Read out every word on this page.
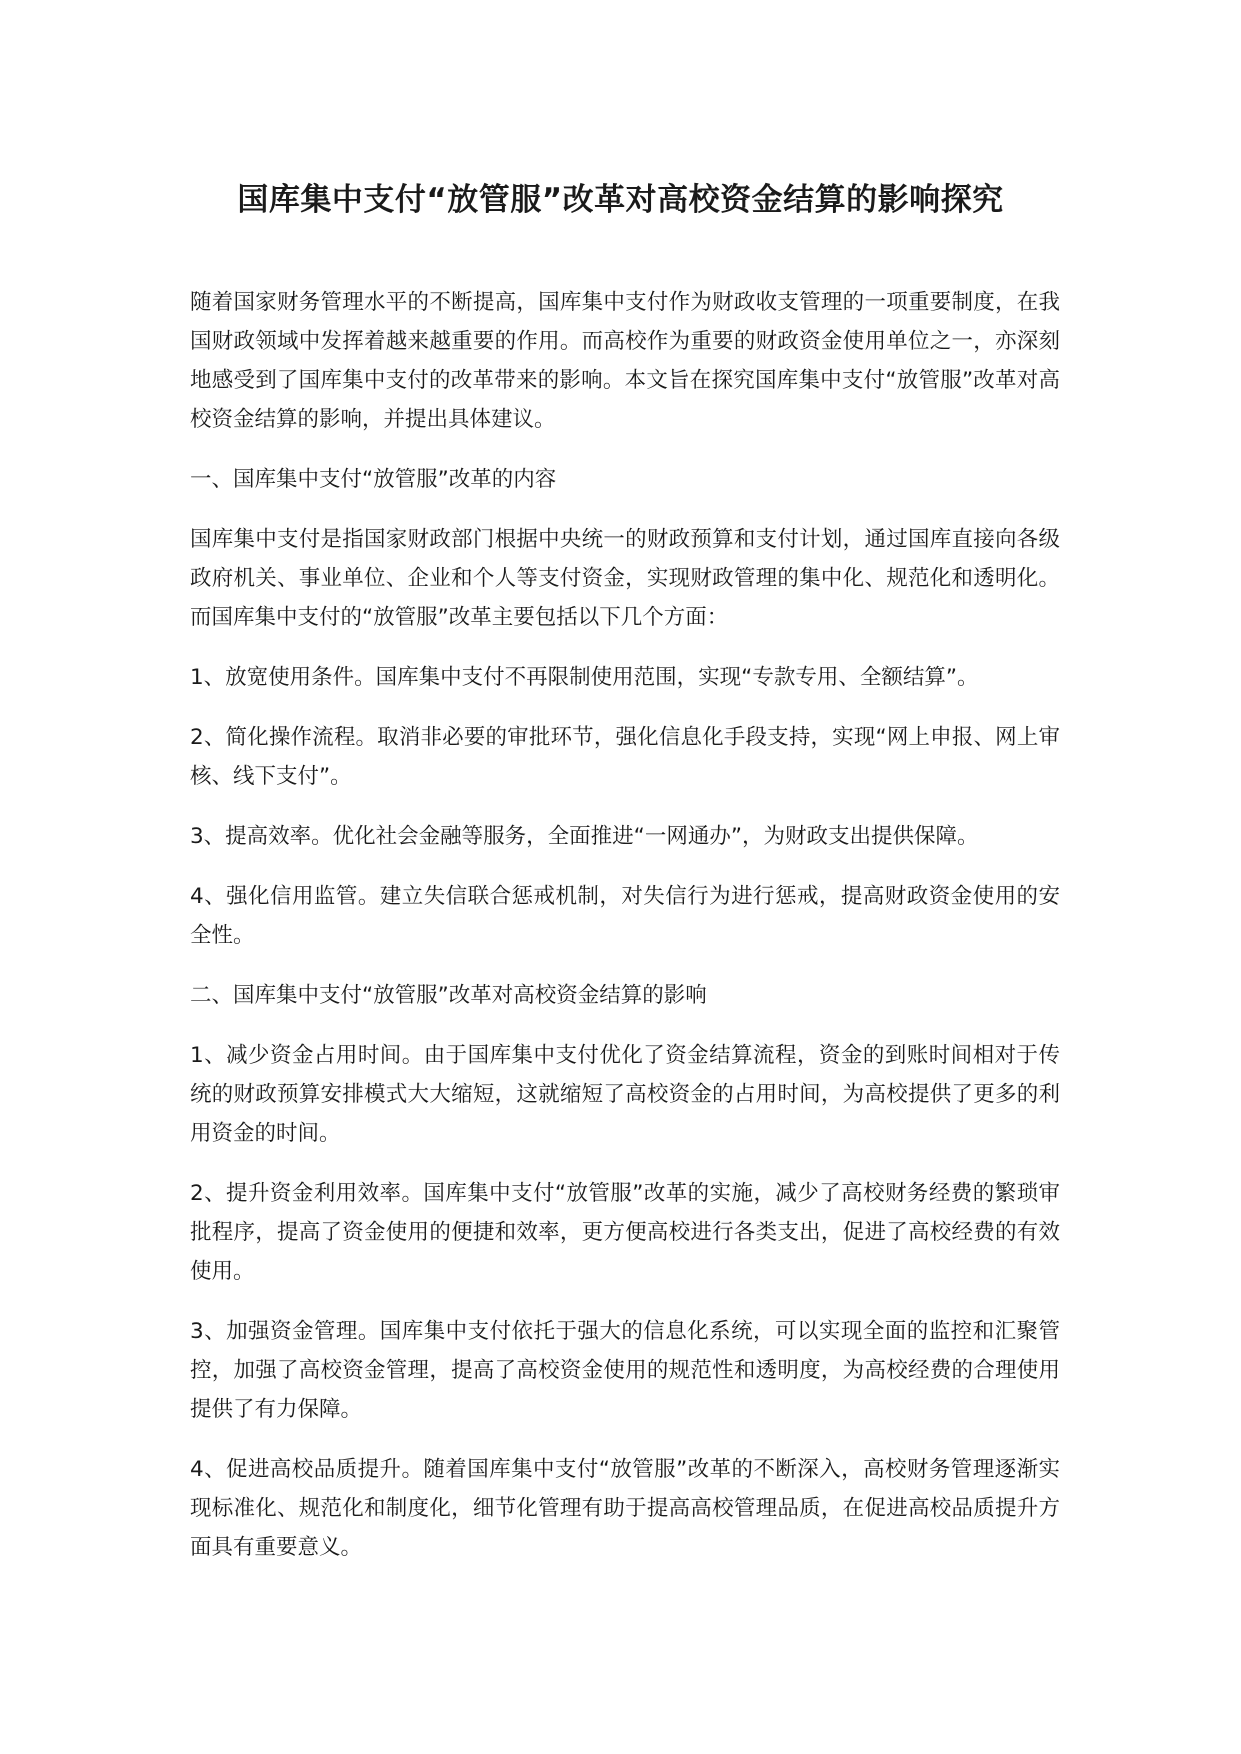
国库集中支付“放管服”改革对高校资金结算的影响探究

随着国家财务管理水平的不断提高，国库集中支付作为财政收支管理的一项重要制度，在我国财政领域中发挥着越来越重要的作用。而高校作为重要的财政资金使用单位之一，亦深刻地感受到了国库集中支付的改革带来的影响。本文旨在探究国库集中支付“放管服”改革对高校资金结算的影响，并提出具体建议。

一、国库集中支付“放管服”改革的内容

国库集中支付是指国家财政部门根据中央统一的财政预算和支付计划，通过国库直接向各级政府机关、事业单位、企业和个人等支付资金，实现财政管理的集中化、规范化和透明化。而国库集中支付的“放管服”改革主要包括以下几个方面：

1、放宽使用条件。国库集中支付不再限制使用范围，实现“专款专用、全额结算”。

2、简化操作流程。取消非必要的审批环节，强化信息化手段支持，实现“网上申报、网上审核、线下支付”。

3、提高效率。优化社会金融等服务，全面推进“一网通办”，为财政支出提供保障。

4、强化信用监管。建立失信联合惩戒机制，对失信行为进行惩戒，提高财政资金使用的安全性。

二、国库集中支付“放管服”改革对高校资金结算的影响

1、减少资金占用时间。由于国库集中支付优化了资金结算流程，资金的到账时间相对于传统的财政预算安排模式大大缩短，这就缩短了高校资金的占用时间，为高校提供了更多的利用资金的时间。

2、提升资金利用效率。国库集中支付“放管服”改革的实施，减少了高校财务经费的繁琐审批程序，提高了资金使用的便捷和效率，更方便高校进行各类支出，促进了高校经费的有效使用。

3、加强资金管理。国库集中支付依托于强大的信息化系统，可以实现全面的监控和汇聚管控，加强了高校资金管理，提高了高校资金使用的规范性和透明度，为高校经费的合理使用提供了有力保障。

4、促进高校品质提升。随着国库集中支付“放管服”改革的不断深入，高校财务管理逐渐实现标准化、规范化和制度化，细节化管理有助于提高高校管理品质，在促进高校品质提升方面具有重要意义。
